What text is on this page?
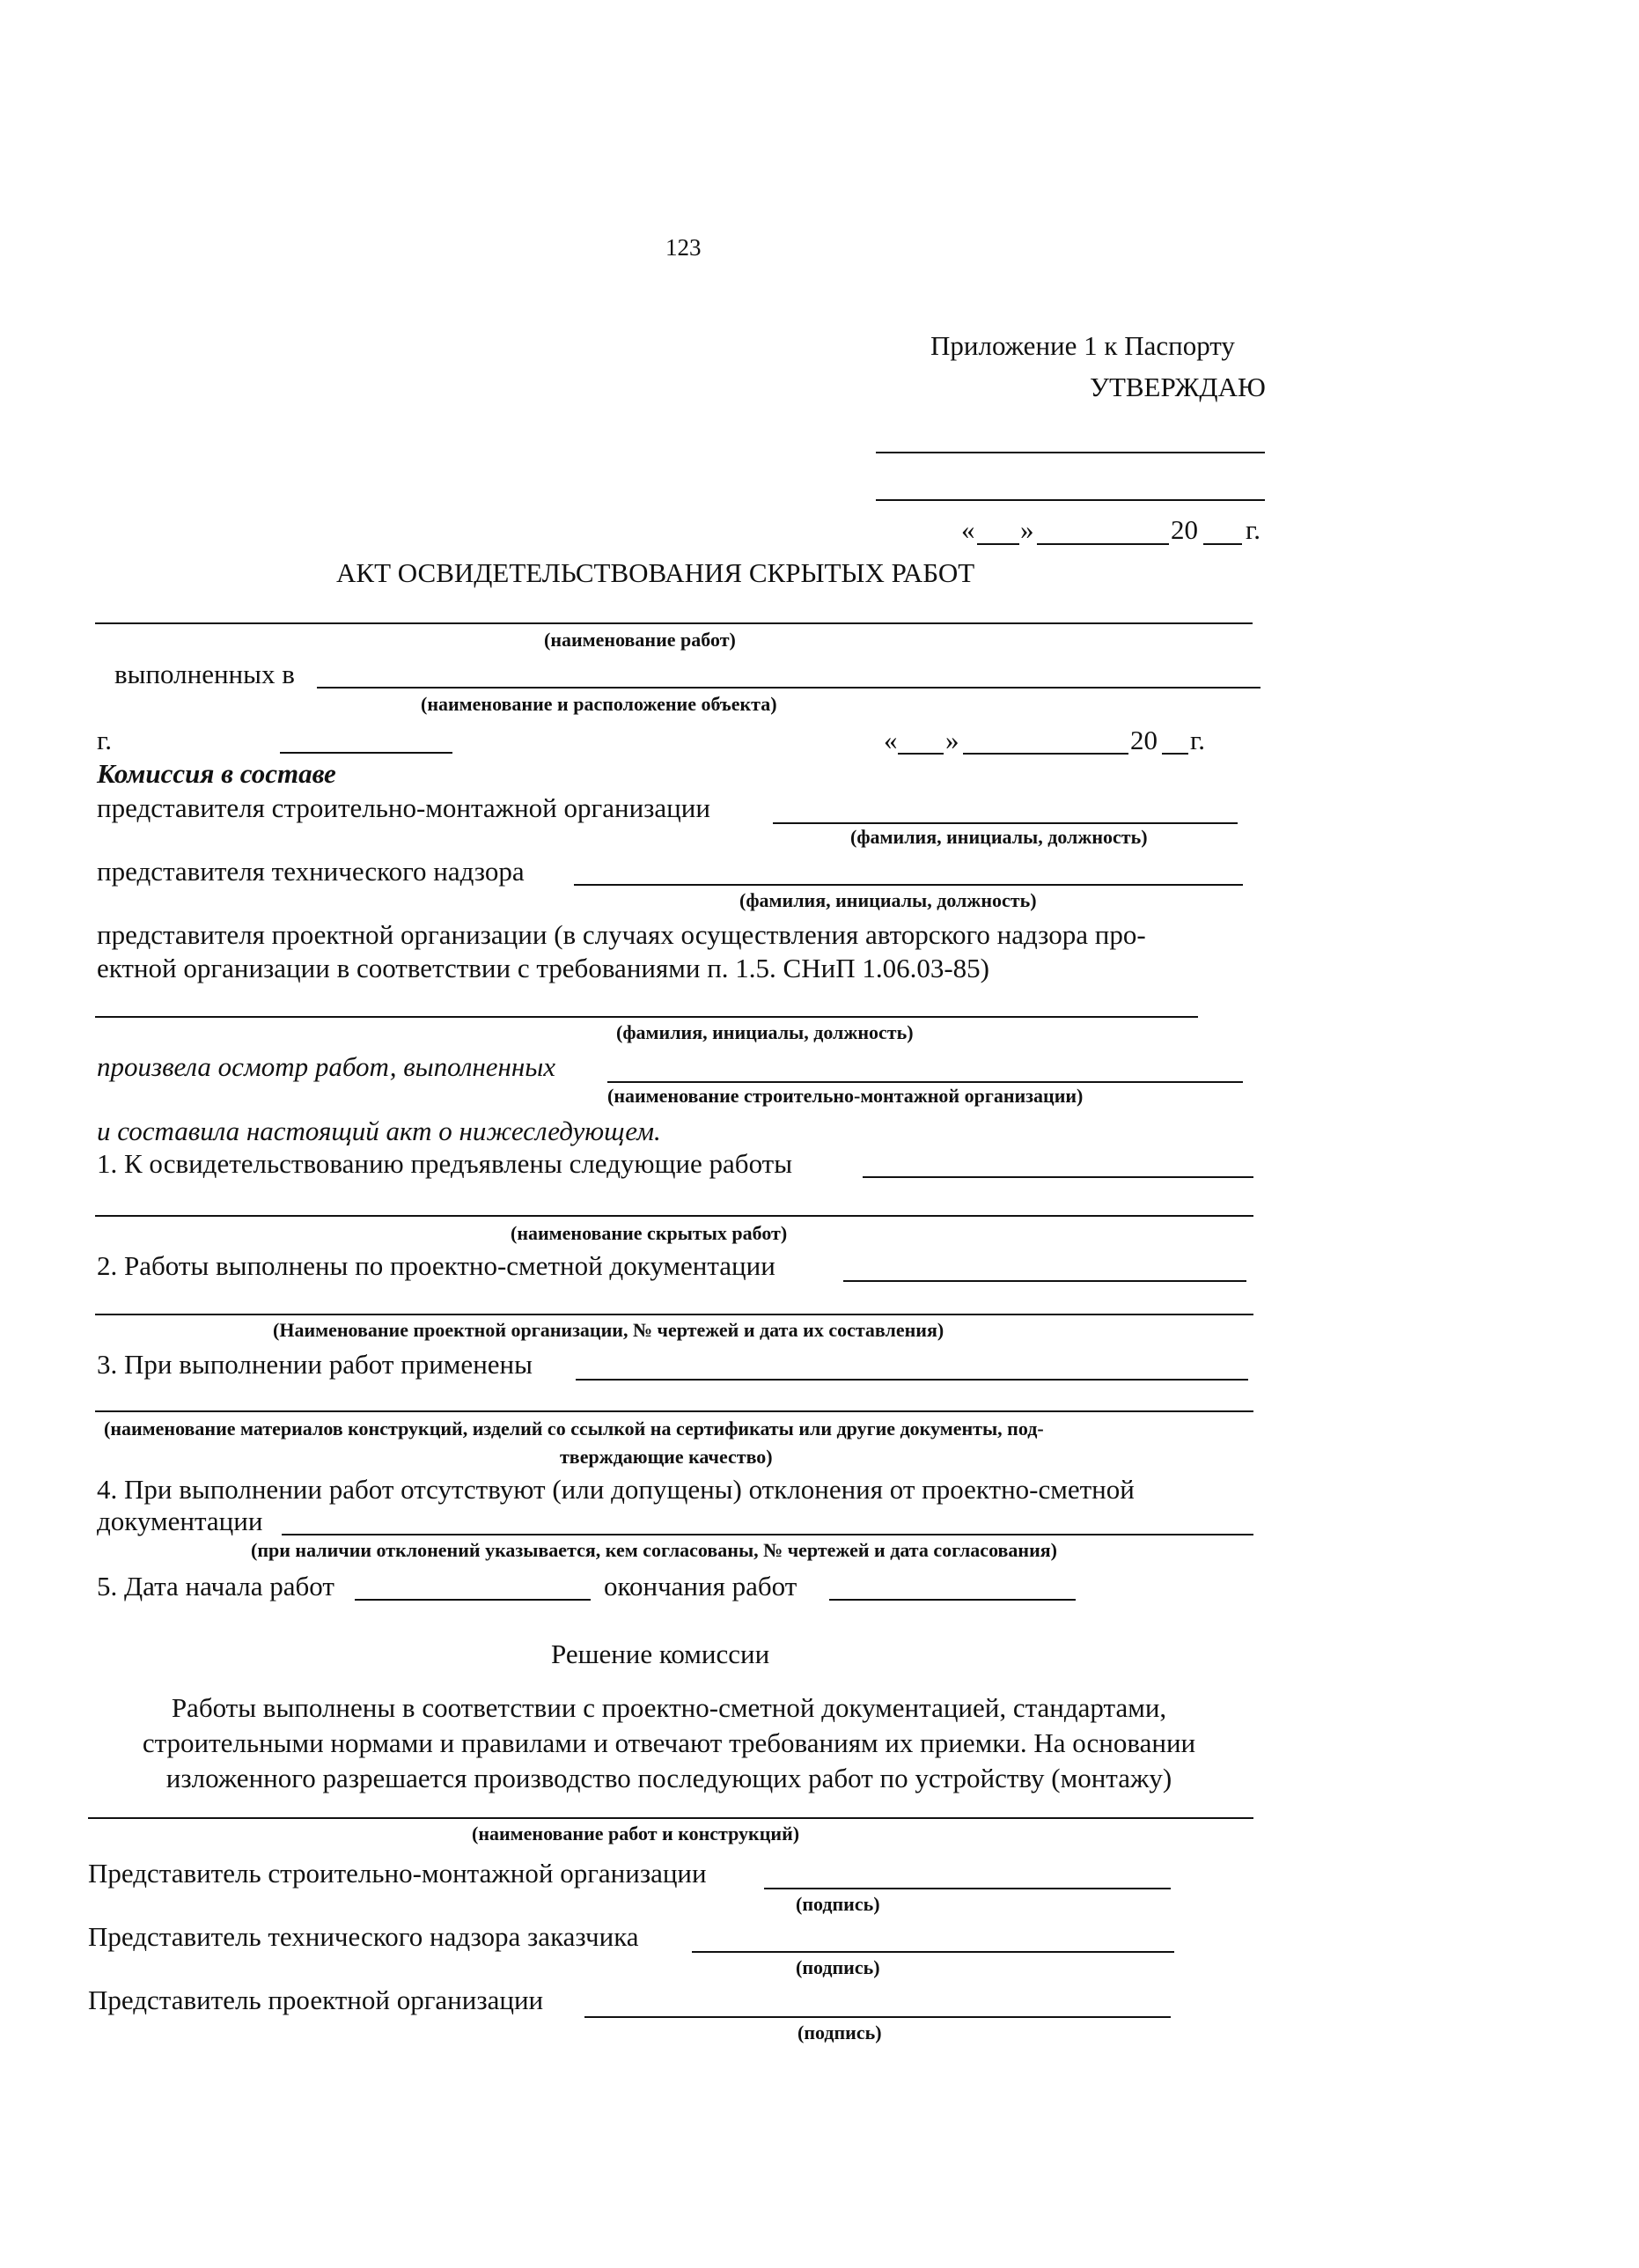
123
Приложение 1 к Паспорту
УТВЕРЖДАЮ
« »	20 г.
АКТ ОСВИДЕТЕЛЬСТВОВАНИЯ СКРЫТЫХ РАБОТ
(наименование работ)
выполненных в
(наименование и расположение объекта)
г.	« »	20 г.
Комиссия в составе
представителя строительно-монтажной организации
(фамилия, инициалы, должность)
представителя технического надзора
(фамилия, инициалы, должность)
представителя проектной организации (в случаях осуществления авторского надзора про-
ектной организации в соответствии с требованиями п. 1.5. СНиП 1.06.03-85)
(фамилия, инициалы, должность)
произвела осмотр работ, выполненных
(наименование строительно-монтажной организации)
и составила настоящий акт о нижеследующем.
1. К освидетельствованию предъявлены следующие работы
(наименование скрытых работ)
2. Работы выполнены по проектно-сметной документации
(Наименование проектной организации, № чертежей и дата их составления)
3. При выполнении работ применены
(наименование материалов конструкций, изделий со ссылкой на сертификаты или другие документы, под-
тверждающие качество)
4. При выполнении работ отсутствуют (или допущены) отклонения от проектно-сметной
документации
(при наличии отклонений указывается, кем согласованы, № чертежей и дата согласования)
5. Дата начала работ	окончания работ
Решение комиссии
Работы выполнены в соответствии с проектно-сметной документацией, стандартами,
строительными нормами и правилами и отвечают требованиям их приемки. На основании
изложенного разрешается производство последующих работ по устройству (монтажу)
(наименование работ и конструкций)
Представитель строительно-монтажной организации
(подпись)
Представитель технического надзора заказчика
(подпись)
Представитель проектной организации
(подпись)
